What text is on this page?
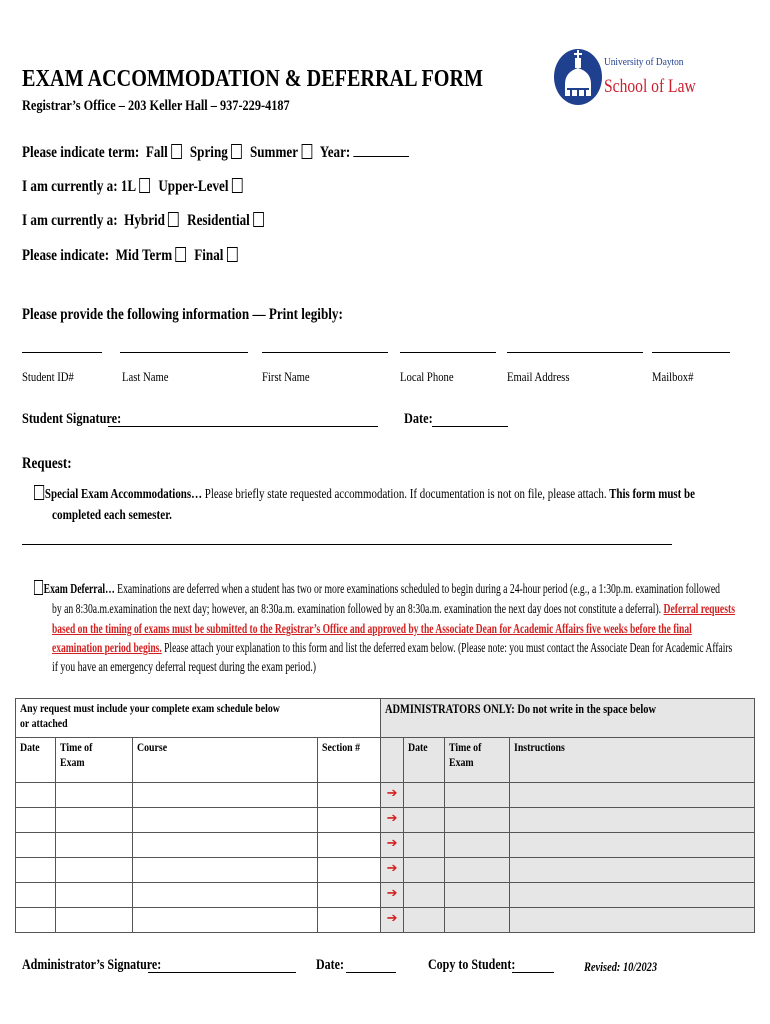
EXAM ACCOMMODATION & DEFERRAL FORM
Registrar’s Office – 203 Keller Hall – 937-229-4187
University of Dayton
School of Law
Please indicate term: Fall Spring Summer Year:
I am currently a: 1L Upper-Level
I am currently a: Hybrid Residential
Please indicate: Mid Term Final
Please provide the following information — Print legibly:
Student ID#	Last Name	First Name	Local Phone	Email Address	Mailbox#
Student Signature:	Date:
Request:
Special Exam Accommodations… Please briefly state requested accommodation. If documentation is not on file, please attach. This form must be
completed each semester.
Exam Deferral… Examinations are deferred when a student has two or more examinations scheduled to begin during a 24-hour period (e.g., a 1:30p.m. examination followed
by an 8:30a.m.examination the next day; however, an 8:30a.m. examination followed by an 8:30a.m. examination the next day does not constitute a deferral). Deferral requests
based on the timing of exams must be submitted to the Registrar’s Office and approved by the Associate Dean for Academic Affairs five weeks before the final
examination period begins. Please attach your explanation to this form and list the deferred exam below. (Please note: you must contact the Associate Dean for Academic Affairs
if you have an emergency deferral request during the exam period.)
Any request must include your complete exam schedule below or attached				ADMINISTRATORS ONLY: Do not write in the space below			
Date	Time of Exam	Course	Section #		Date	Time of Exam	Instructions
				➔			
				➔			
				➔			
				➔			
				➔			
				➔			
Administrator’s Signature:	Date:	Copy to Student:	Revised: 10/2023
